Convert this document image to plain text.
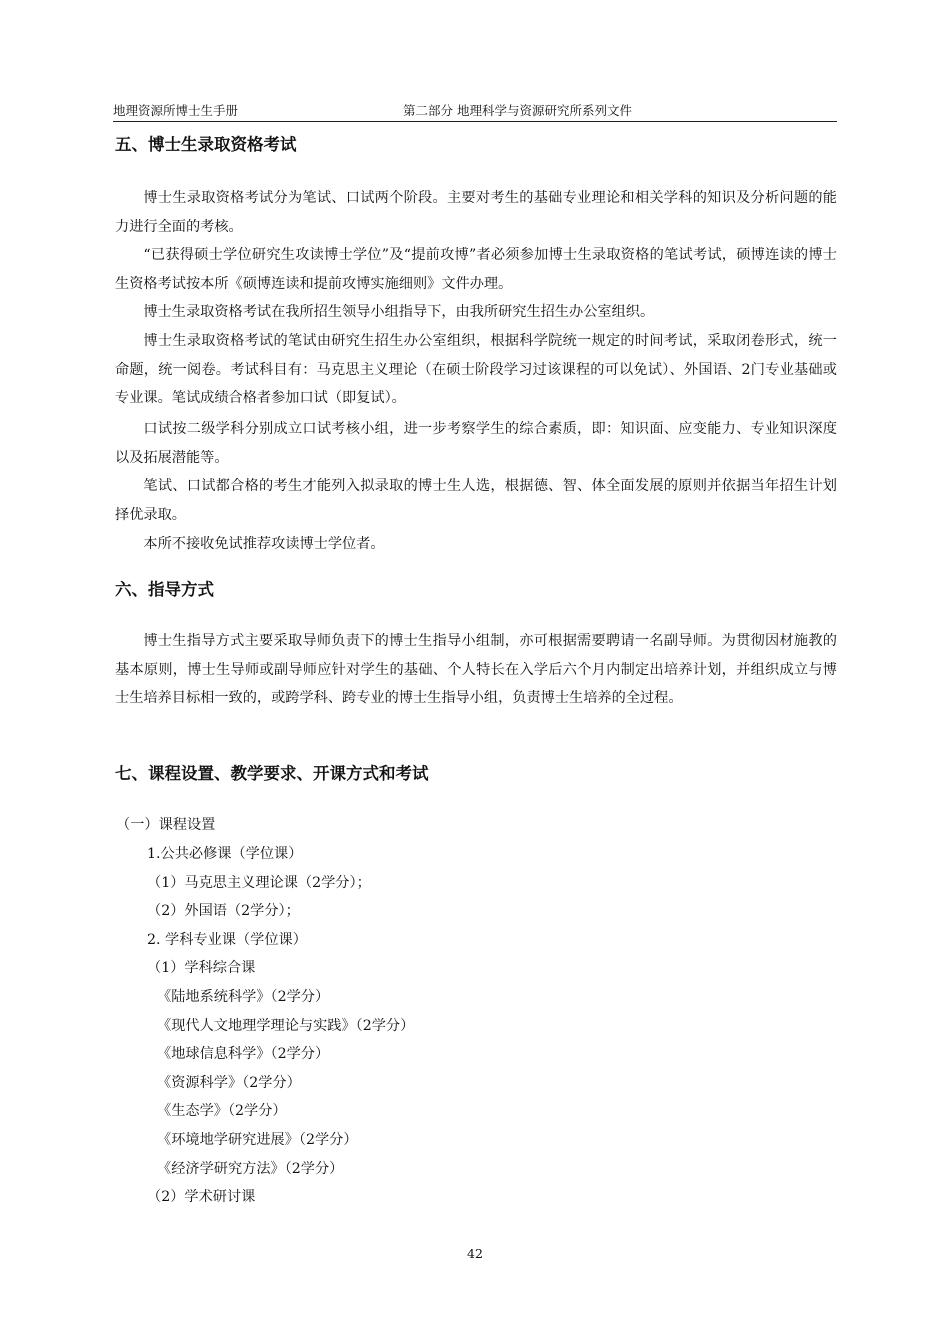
地理资源所博士生手册	第二部分 地理科学与资源研究所系列文件
五、博士生录取资格考试

博士生录取资格考试分为笔试、口试两个阶段。主要对考生的基础专业理论和相关学科的知识及分析问题的能力进行全面的考核。

“已获得硕士学位研究生攻读博士学位”及“提前攻博”者必须参加博士生录取资格的笔试考试，硕博连读的博士生资格考试按本所《硕博连读和提前攻博实施细则》文件办理。

博士生录取资格考试在我所招生领导小组指导下，由我所研究生招生办公室组织。

博士生录取资格考试的笔试由研究生招生办公室组织，根据科学院统一规定的时间考试，采取闭卷形式，统一命题，统一阅卷。考试科目有：马克思主义理论（在硕士阶段学习过该课程的可以免试）、外国语、2门专业基础或专业课。笔试成绩合格者参加口试（即复试）。

口试按二级学科分别成立口试考核小组，进一步考察学生的综合素质，即：知识面、应变能力、专业知识深度以及拓展潜能等。

笔试、口试都合格的考生才能列入拟录取的博士生人选，根据德、智、体全面发展的原则并依据当年招生计划择优录取。

本所不接收免试推荐攻读博士学位者。

六、指导方式

博士生指导方式主要采取导师负责下的博士生指导小组制，亦可根据需要聘请一名副导师。为贯彻因材施教的基本原则，博士生导师或副导师应针对学生的基础、个人特长在入学后六个月内制定出培养计划，并组织成立与博士生培养目标相一致的，或跨学科、跨专业的博士生指导小组，负责博士生培养的全过程。

七、课程设置、教学要求、开课方式和考试

（一）课程设置

1.公共必修课（学位课）

（1）马克思主义理论课（2学分）；

（2）外国语（2学分）；

2. 学科专业课（学位课）

（1）学科综合课

《陆地系统科学》（2学分）

《现代人文地理学理论与实践》（2学分）

《地球信息科学》（2学分）

《资源科学》（2学分）

《生态学》（2学分）

《环境地学研究进展》（2学分）

《经济学研究方法》（2学分）

（2）学术研讨课

42
